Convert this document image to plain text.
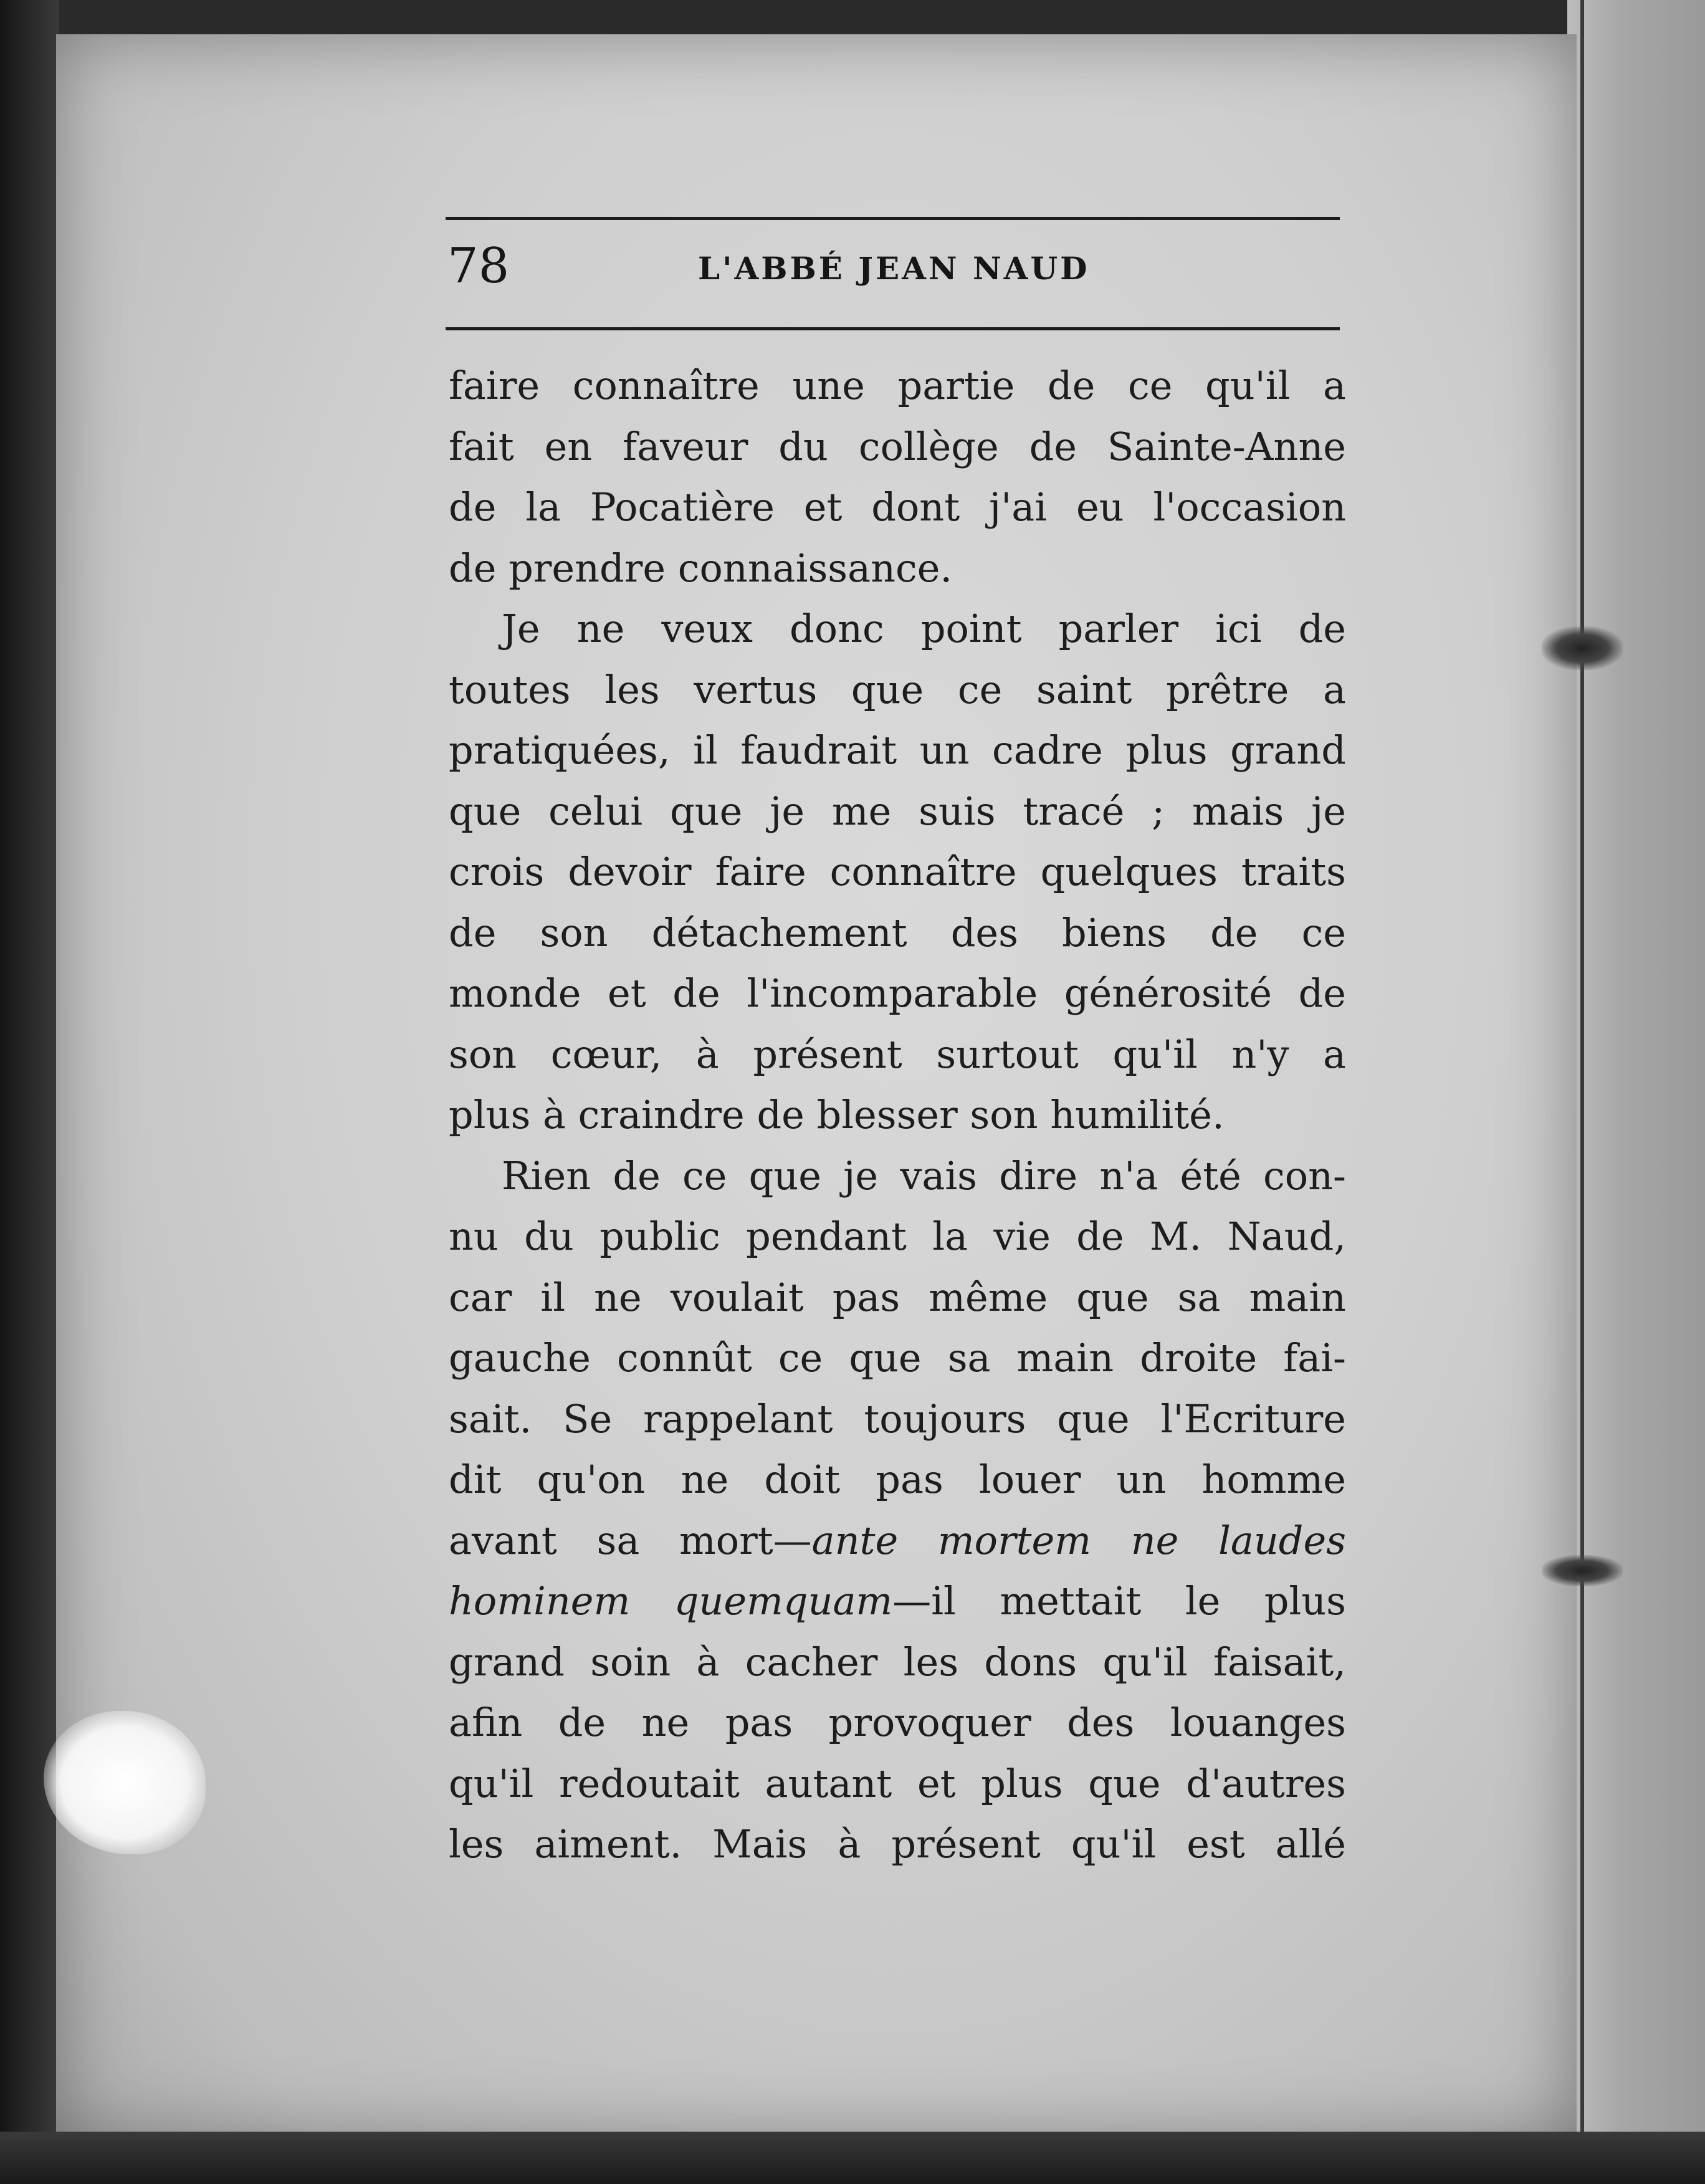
78	L'ABBÉ JEAN NAUD
faire connaître une partie de ce qu'il a
fait en faveur du collège de Sainte-Anne
de la Pocatière et dont j'ai eu l'occasion
de prendre connaissance.
Je ne veux donc point parler ici de
toutes les vertus que ce saint prêtre a
pratiquées, il faudrait un cadre plus grand
que celui que je me suis tracé ; mais je
crois devoir faire connaître quelques traits
de son détachement des biens de ce
monde et de l'incomparable générosité de
son cœur, à présent surtout qu'il n'y a
plus à craindre de blesser son humilité.
Rien de ce que je vais dire n'a été con-
nu du public pendant la vie de M. Naud,
car il ne voulait pas même que sa main
gauche connût ce que sa main droite fai-
sait. Se rappelant toujours que l'Ecriture
dit qu'on ne doit pas louer un homme
avant sa mort—ante mortem ne laudes
hominem quemquam—il mettait le plus
grand soin à cacher les dons qu'il faisait,
afin de ne pas provoquer des louanges
qu'il redoutait autant et plus que d'autres
les aiment. Mais à présent qu'il est allé
